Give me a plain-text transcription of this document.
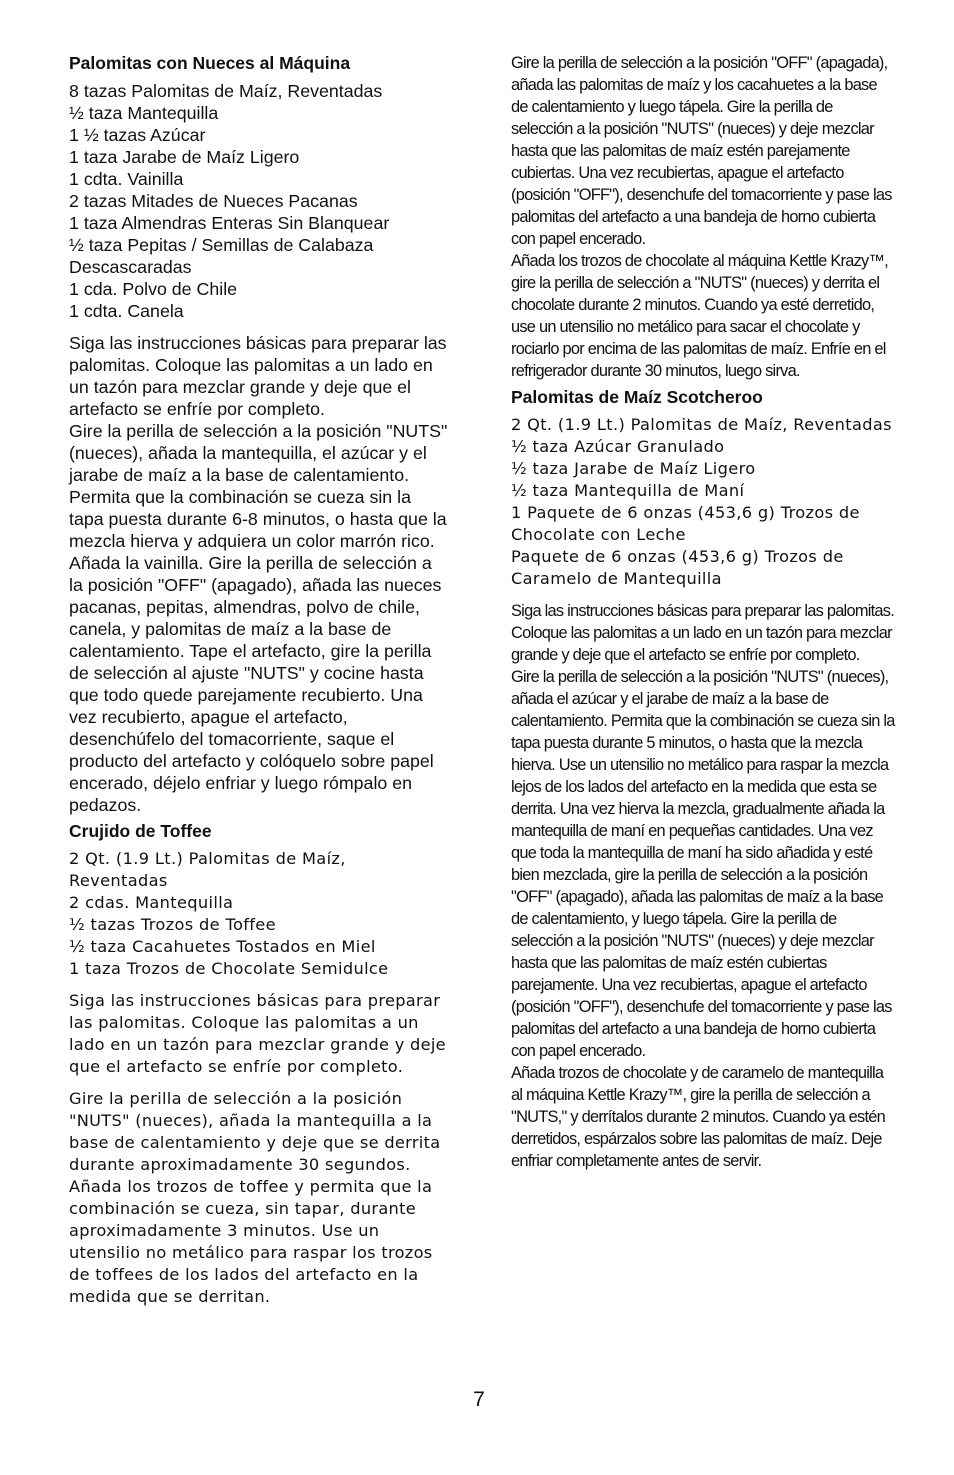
Palomitas con Nueces al Máquina
8 tazas Palomitas de Maíz, Reventadas
½ taza Mantequilla
1 ½ tazas Azúcar
1 taza Jarabe de Maíz Ligero
1 cdta. Vainilla
2 tazas Mitades de Nueces Pacanas
1 taza Almendras Enteras Sin Blanquear
½ taza Pepitas / Semillas de Calabaza Descascaradas
1 cda. Polvo de Chile
1 cdta. Canela

Siga las instrucciones básicas para preparar las palomitas. Coloque las palomitas a un lado en un tazón para mezclar grande y deje que el artefacto se enfríe por completo.

Gire la perilla de selección a la posición "NUTS" (nueces), añada la mantequilla, el azúcar y el jarabe de maíz a la base de calentamiento. Permita que la combinación se cueza sin la tapa puesta durante 6-8 minutos, o hasta que la mezcla hierva y adquiera un color marrón rico. Añada la vainilla. Gire la perilla de selección a la posición "OFF" (apagado), añada las nueces pacanas, pepitas, almendras, polvo de chile, canela, y palomitas de maíz a la base de calentamiento. Tape el artefacto, gire la perilla de selección al ajuste "NUTS" y cocine hasta que todo quede parejamente recubierto. Una vez recubierto, apague el artefacto, desenchúfelo del tomacorriente, saque el producto del artefacto y colóquelo sobre papel encerado, déjelo enfriar y luego rómpalo en pedazos.

Crujido de Toffee
2 Qt. (1.9 Lt.) Palomitas de Maíz, Reventadas
2 cdas. Mantequilla
½ tazas Trozos de Toffee
½ taza Cacahuetes Tostados en Miel
1 taza Trozos de Chocolate Semidulce

Siga las instrucciones básicas para preparar las palomitas. Coloque las palomitas a un lado en un tazón para mezclar grande y deje que el artefacto se enfríe por completo.

Gire la perilla de selección a la posición "NUTS" (nueces), añada la mantequilla a la base de calentamiento y deje que se derrita durante aproximadamente 30 segundos. Añada los trozos de toffee y permita que la combinación se cueza, sin tapar, durante aproximadamente 3 minutos. Use un utensilio no metálico para raspar los trozos de toffees de los lados del artefacto en la medida que se derritan.

Gire la perilla de selección a la posición "OFF" (apagada), añada las palomitas de maíz y los cacahuetes a la base de calentamiento y luego tápela. Gire la perilla de selección a la posición "NUTS" (nueces) y deje mezclar hasta que las palomitas de maíz estén parejamente cubiertas. Una vez recubiertas, apague el artefacto (posición "OFF"), desenchufe del tomacorriente y pase las palomitas del artefacto a una bandeja de horno cubierta con papel encerado.

Añada los trozos de chocolate al máquina Kettle Krazy™, gire la perilla de selección a "NUTS" (nueces) y derrita el chocolate durante 2 minutos. Cuando ya esté derretido, use un utensilio no metálico para sacar el chocolate y rociarlo por encima de las palomitas de maíz. Enfríe en el refrigerador durante 30 minutos, luego sirva.

Palomitas de Maíz Scotcheroo
2 Qt. (1.9 Lt.) Palomitas de Maíz, Reventadas
½ taza Azúcar Granulado
½ taza Jarabe de Maíz Ligero
½ taza Mantequilla de Maní
1 Paquete de 6 onzas (453,6 g) Trozos de Chocolate con Leche
Paquete de 6 onzas (453,6 g) Trozos de Caramelo de Mantequilla

Siga las instrucciones básicas para preparar las palomitas. Coloque las palomitas a un lado en un tazón para mezclar grande y deje que el artefacto se enfríe por completo.

Gire la perilla de selección a la posición "NUTS" (nueces), añada el azúcar y el jarabe de maíz a la base de calentamiento. Permita que la combinación se cueza sin la tapa puesta durante 5 minutos, o hasta que la mezcla hierva. Use un utensilio no metálico para raspar la mezcla lejos de los lados del artefacto en la medida que esta se derrita. Una vez hierva la mezcla, gradualmente añada la mantequilla de maní en pequeñas cantidades. Una vez que toda la mantequilla de maní ha sido añadida y esté bien mezclada, gire la perilla de selección a la posición "OFF" (apagado), añada las palomitas de maíz a la base de calentamiento, y luego tápela. Gire la perilla de selección a la posición "NUTS" (nueces) y deje mezclar hasta que las palomitas de maíz estén cubiertas parejamente. Una vez recubiertas, apague el artefacto (posición "OFF"), desenchufe del tomacorriente y pase las palomitas del artefacto a una bandeja de horno cubierta con papel encerado.

Añada trozos de chocolate y de caramelo de mantequilla al máquina Kettle Krazy™, gire la perilla de selección a "NUTS," y derrítalos durante 2 minutos. Cuando ya estén derretidos, espárzalos sobre las palomitas de maíz. Deje enfriar completamente antes de servir.

7
